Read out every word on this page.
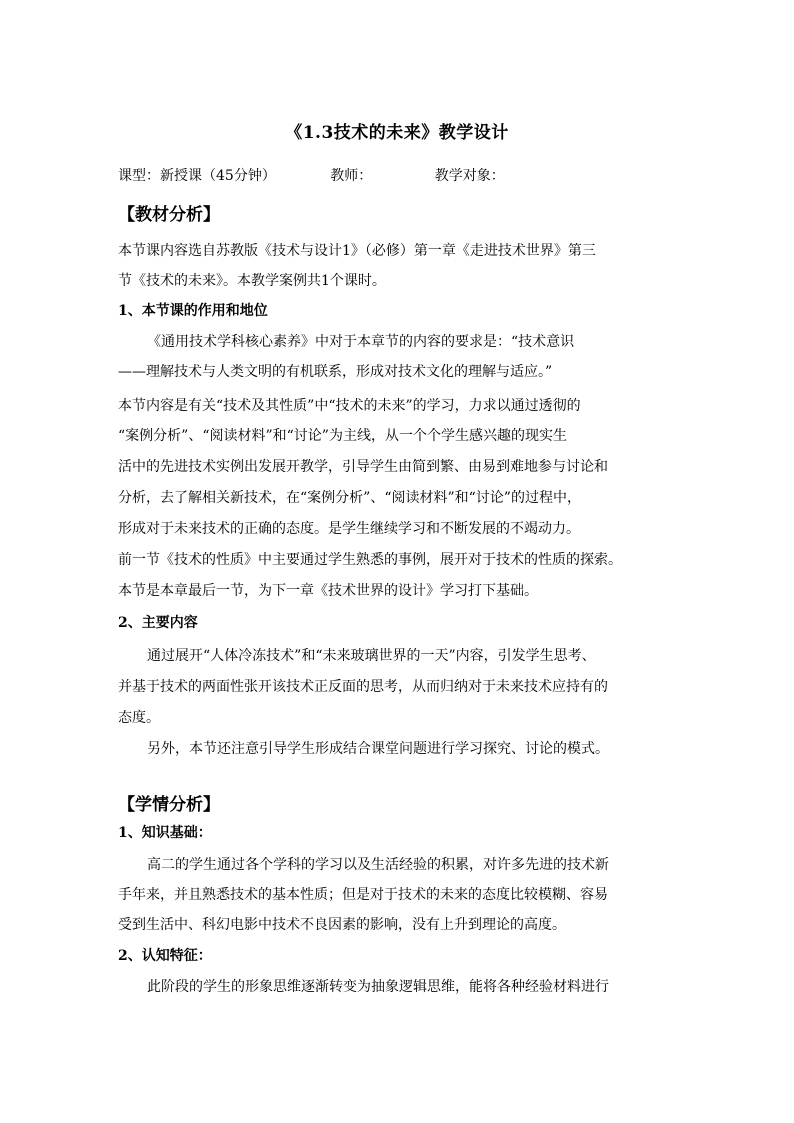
《1.3技术的未来》教学设计
课型：新授课（45分钟）	教师：	教学对象：
【教材分析】
本节课内容选自苏教版《技术与设计1》（必修）第一章《走进技术世界》第三
节《技术的未来》。本教学案例共1个课时。
1、本节课的作用和地位
《通用技术学科核心素养》中对于本章节的内容的要求是：“技术意识
——理解技术与人类文明的有机联系，形成对技术文化的理解与适应。”
本节内容是有关“技术及其性质”中“技术的未来”的学习，力求以通过透彻的
“案例分析”、“阅读材料”和“讨论”为主线，从一个个学生感兴趣的现实生
活中的先进技术实例出发展开教学，引导学生由简到繁、由易到难地参与讨论和
分析，去了解相关新技术，在“案例分析”、“阅读材料”和“讨论”的过程中，
形成对于未来技术的正确的态度。是学生继续学习和不断发展的不竭动力。
前一节《技术的性质》中主要通过学生熟悉的事例，展开对于技术的性质的探索。
本节是本章最后一节，为下一章《技术世界的设计》学习打下基础。
2、主要内容
通过展开“人体冷冻技术”和“未来玻璃世界的一天”内容，引发学生思考、
并基于技术的两面性张开该技术正反面的思考，从而归纳对于未来技术应持有的
态度。
另外，本节还注意引导学生形成结合课堂问题进行学习探究、讨论的模式。
【学情分析】
1、知识基础：
高二的学生通过各个学科的学习以及生活经验的积累，对许多先进的技术新
手年来，并且熟悉技术的基本性质；但是对于技术的未来的态度比较模糊、容易
受到生活中、科幻电影中技术不良因素的影响，没有上升到理论的高度。
2、认知特征：
此阶段的学生的形象思维逐渐转变为抽象逻辑思维，能将各种经验材料进行
